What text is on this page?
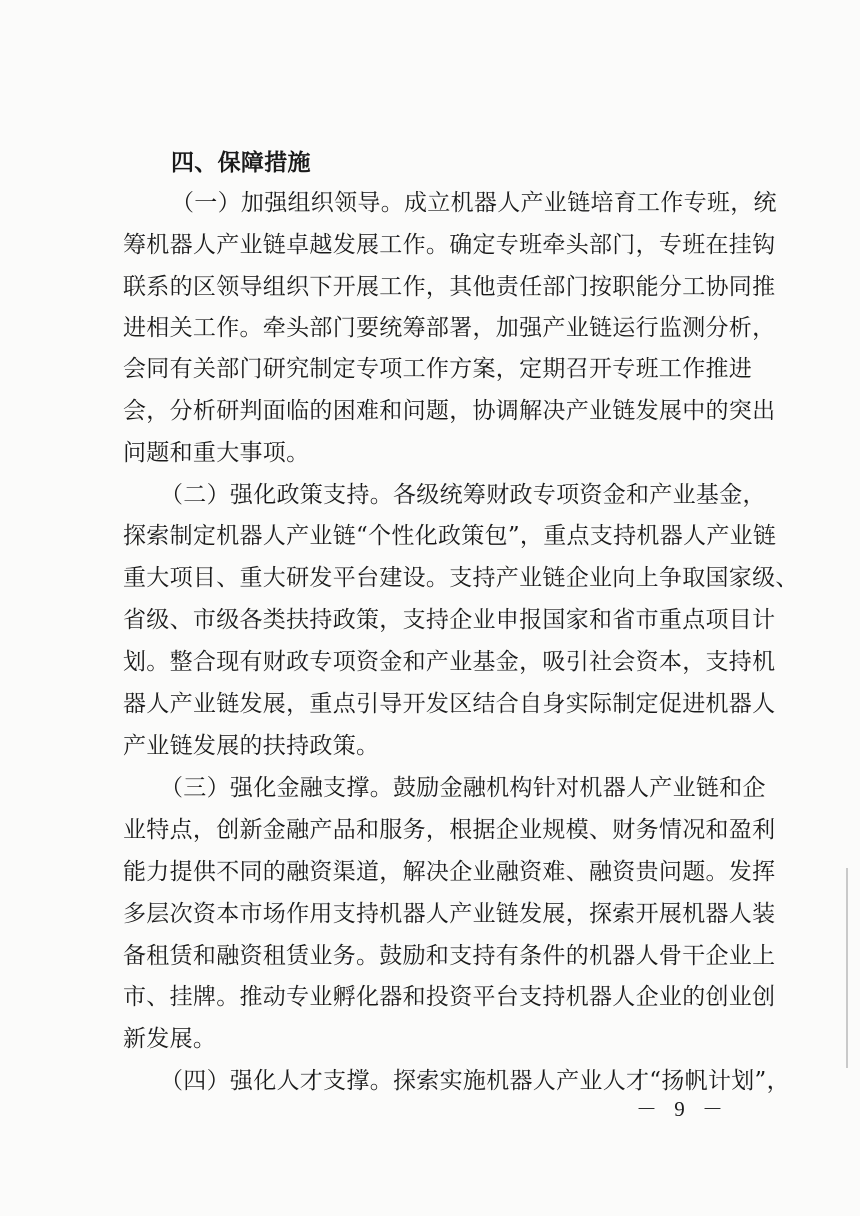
四、保障措施
（一）加强组织领导。成立机器人产业链培育工作专班，统
筹机器人产业链卓越发展工作。确定专班牵头部门，专班在挂钩
联系的区领导组织下开展工作，其他责任部门按职能分工协同推
进相关工作。牵头部门要统筹部署，加强产业链运行监测分析，
会同有关部门研究制定专项工作方案，定期召开专班工作推进
会，分析研判面临的困难和问题，协调解决产业链发展中的突出
问题和重大事项。
（二）强化政策支持。各级统筹财政专项资金和产业基金，
探索制定机器人产业链“个性化政策包”，重点支持机器人产业链
重大项目、重大研发平台建设。支持产业链企业向上争取国家级、
省级、市级各类扶持政策，支持企业申报国家和省市重点项目计
划。整合现有财政专项资金和产业基金，吸引社会资本，支持机
器人产业链发展，重点引导开发区结合自身实际制定促进机器人
产业链发展的扶持政策。
（三）强化金融支撑。鼓励金融机构针对机器人产业链和企
业特点，创新金融产品和服务，根据企业规模、财务情况和盈利
能力提供不同的融资渠道，解决企业融资难、融资贵问题。发挥
多层次资本市场作用支持机器人产业链发展，探索开展机器人装
备租赁和融资租赁业务。鼓励和支持有条件的机器人骨干企业上
市、挂牌。推动专业孵化器和投资平台支持机器人企业的创业创
新发展。
（四）强化人才支撑。探索实施机器人产业人才“扬帆计划”，
－ 9 －
